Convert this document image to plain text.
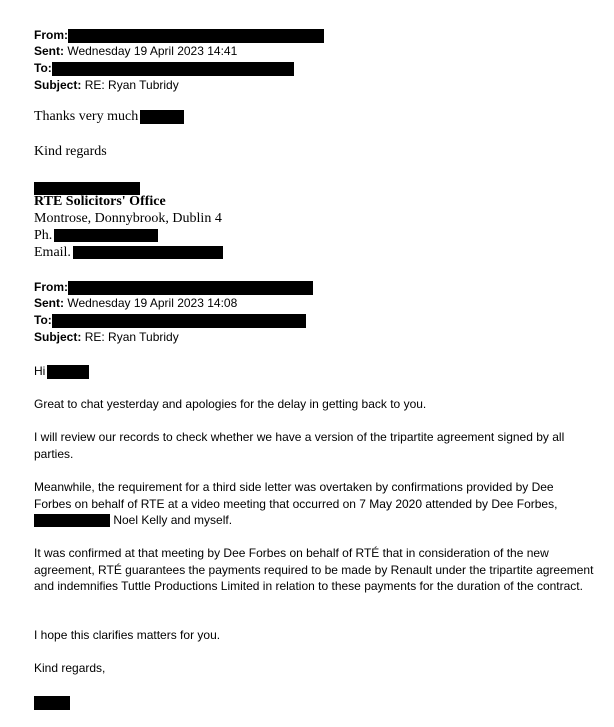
From:
Sent: Wednesday 19 April 2023 14:41
To:
Subject: RE: Ryan Tubridy
Thanks very much
Kind regards
RTÉ Solicitors' Office
Montrose, Donnybrook, Dublin 4
Ph.
Email.
From:
Sent: Wednesday 19 April 2023 14:08
To:
Subject: RE: Ryan Tubridy
Hi
Great to chat yesterday and apologies for the delay in getting back to you.
I will review our records to check whether we have a version of the tripartite agreement signed by all parties.
Meanwhile, the requirement for a third side letter was overtaken by confirmations provided by Dee Forbes on behalf of RTE at a video meeting that occurred on 7 May 2020 attended by Dee Forbes,
Noel Kelly and myself.
It was confirmed at that meeting by Dee Forbes on behalf of RTÉ that in consideration of the new agreement, RTÉ guarantees the payments required to be made by Renault under the tripartite agreement and indemnifies Tuttle Productions Limited in relation to these payments for the duration of the contract.
I hope this clarifies matters for you.
Kind regards,
